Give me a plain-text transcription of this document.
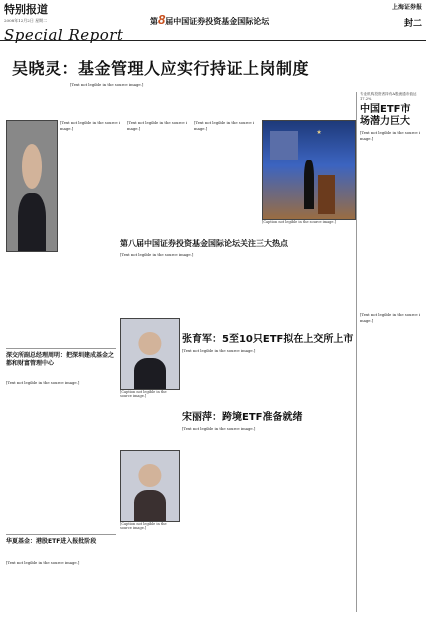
特别报道
2008年12月2日 星期二
Special Report
第8届中国证券投资基金国际论坛
上海证券报
封二
吴晓灵：基金管理人应实行持证上岗制度
[Text not legible in the source image.]
[Text not legible in the source image.]
[Text not legible in the source image.]
[Text not legible in the source image.]
★
[Caption not legible in the source image.]
第八届中国证券投资基金国际论坛关注三大热点
[Text not legible in the source image.]
专业机构投资者持有A股流通市值达17.2%
中国ETF市场潜力巨大
[Text not legible in the source image.]
深交所副总经理周明：把深圳建成基金之都和财富管理中心
[Text not legible in the source image.]
华夏基金：港股ETF进入报批阶段
[Text not legible in the source image.]
[Caption not legible in the source image.]
张育军：5至10只ETF拟在上交所上市
[Text not legible in the source image.]
[Caption not legible in the source image.]
宋丽萍：跨境ETF准备就绪
[Text not legible in the source image.]
[Text not legible in the source image.]
